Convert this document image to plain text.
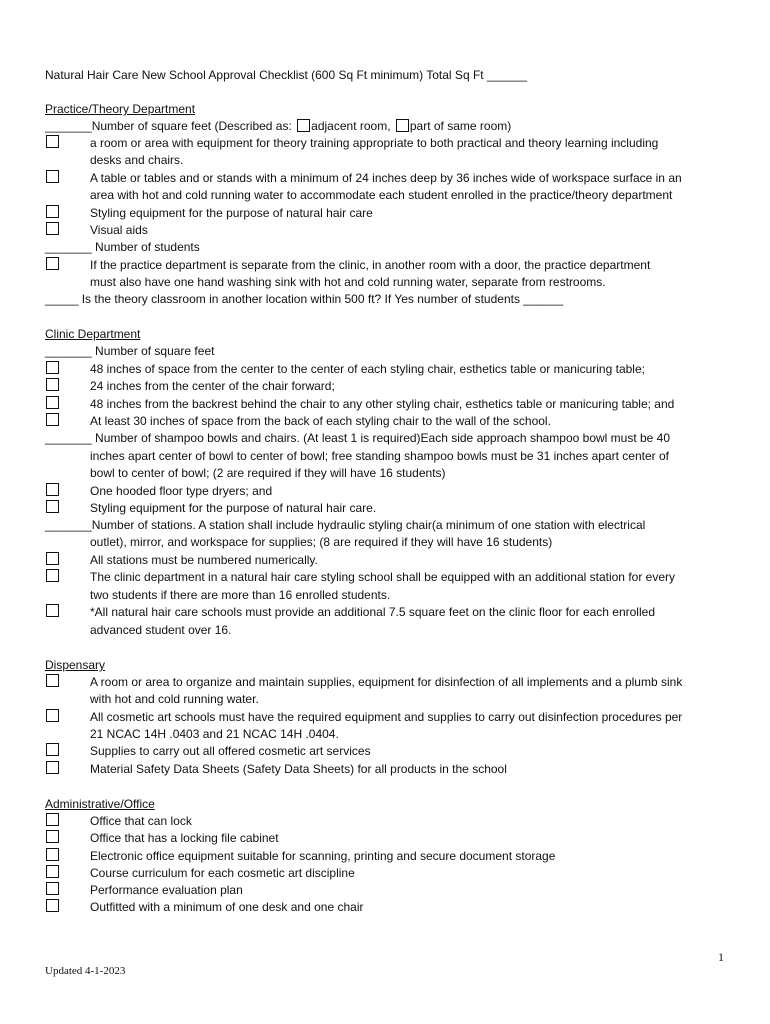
Natural Hair Care New School Approval Checklist (600 Sq Ft minimum) Total Sq Ft ______
Practice/Theory Department
_______Number of square feet (Described as: adjacent room, part of same room)
a room or area with equipment for theory training appropriate to both practical and theory learning including
desks and chairs.
A table or tables and or stands with a minimum of 24 inches deep by 36 inches wide of workspace surface in an
area with hot and cold running water to accommodate each student enrolled in the practice/theory department
Styling equipment for the purpose of natural hair care
Visual aids
_______ Number of students
If the practice department is separate from the clinic, in another room with a door, the practice department
must also have one hand washing sink with hot and cold running water, separate from restrooms.
_____ Is the theory classroom in another location within 500 ft? If Yes number of students ______
Clinic Department
_______ Number of square feet
48 inches of space from the center to the center of each styling chair, esthetics table or manicuring table;
24 inches from the center of the chair forward;
48 inches from the backrest behind the chair to any other styling chair, esthetics table or manicuring table; and
At least 30 inches of space from the back of each styling chair to the wall of the school.
_______ Number of shampoo bowls and chairs. (At least 1 is required)Each side approach shampoo bowl must be 40
inches apart center of bowl to center of bowl; free standing shampoo bowls must be 31 inches apart center of
bowl to center of bowl; (2 are required if they will have 16 students)
One hooded floor type dryers; and
Styling equipment for the purpose of natural hair care.
_______Number of stations. A station shall include hydraulic styling chair(a minimum of one station with electrical
outlet), mirror, and workspace for supplies; (8 are required if they will have 16 students)
All stations must be numbered numerically.
The clinic department in a natural hair care styling school shall be equipped with an additional station for every
two students if there are more than 16 enrolled students.
*All natural hair care schools must provide an additional 7.5 square feet on the clinic floor for each enrolled
advanced student over 16.
Dispensary
A room or area to organize and maintain supplies, equipment for disinfection of all implements and a plumb sink
with hot and cold running water.
All cosmetic art schools must have the required equipment and supplies to carry out disinfection procedures per
21 NCAC 14H .0403 and 21 NCAC 14H .0404.
Supplies to carry out all offered cosmetic art services
Material Safety Data Sheets (Safety Data Sheets) for all products in the school
Administrative/Office
Office that can lock
Office that has a locking file cabinet
Electronic office equipment suitable for scanning, printing and secure document storage
Course curriculum for each cosmetic art discipline
Performance evaluation plan
Outfitted with a minimum of one desk and one chair
1
Updated 4-1-2023
